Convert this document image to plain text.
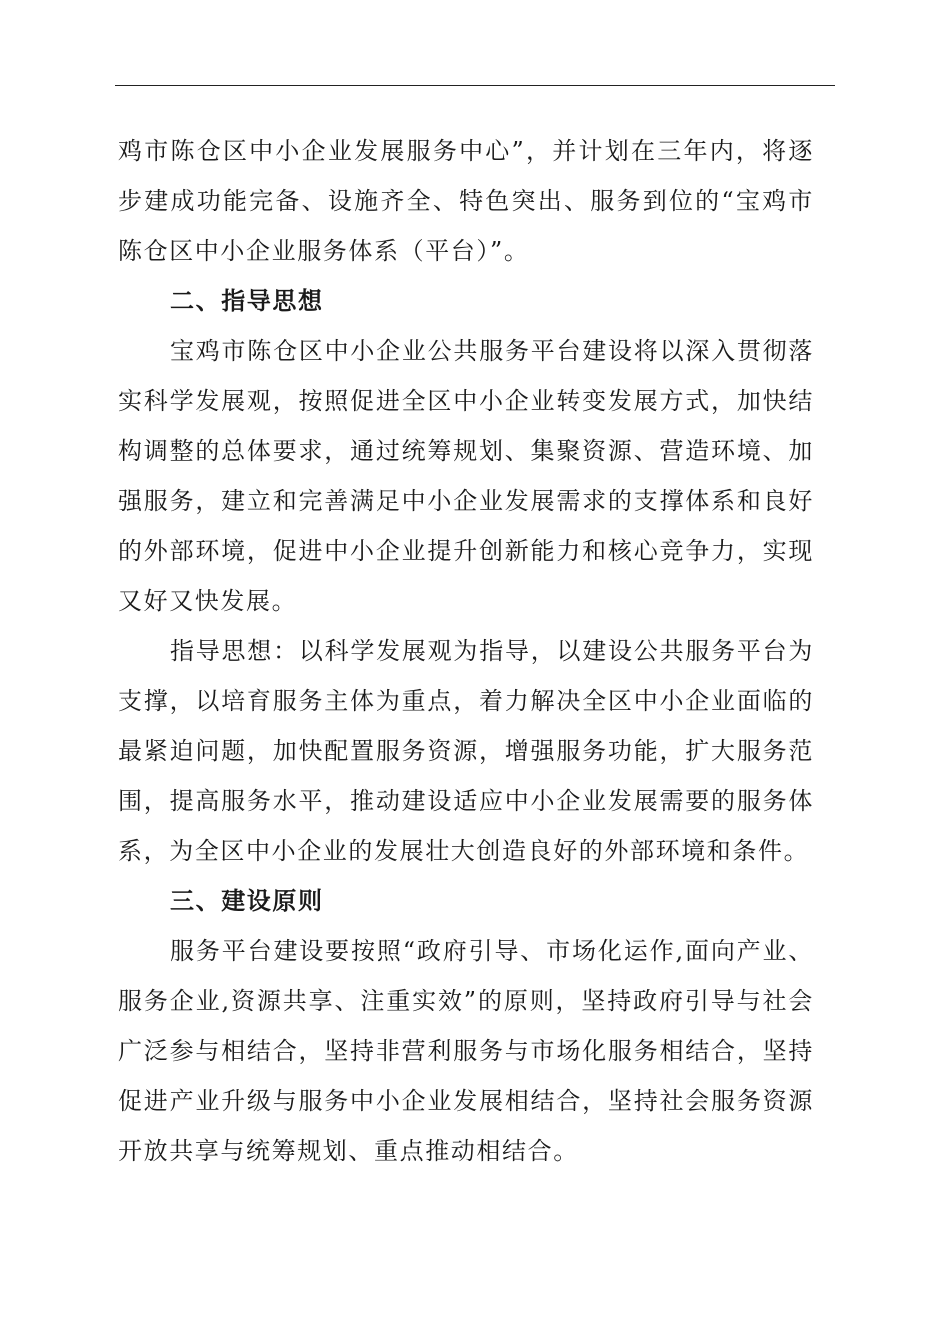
鸡市陈仓区中小企业发展服务中心”，并计划在三年内，将逐步建成功能完备、设施齐全、特色突出、服务到位的“宝鸡市陈仓区中小企业服务体系（平台）”。

二、指导思想

宝鸡市陈仓区中小企业公共服务平台建设将以深入贯彻落实科学发展观，按照促进全区中小企业转变发展方式，加快结构调整的总体要求，通过统筹规划、集聚资源、营造环境、加强服务，建立和完善满足中小企业发展需求的支撑体系和良好的外部环境，促进中小企业提升创新能力和核心竞争力，实现又好又快发展。

指导思想：以科学发展观为指导，以建设公共服务平台为支撑，以培育服务主体为重点，着力解决全区中小企业面临的最紧迫问题，加快配置服务资源，增强服务功能，扩大服务范围，提高服务水平，推动建设适应中小企业发展需要的服务体系，为全区中小企业的发展壮大创造良好的外部环境和条件。

三、建设原则

服务平台建设要按照“政府引导、市场化运作,面向产业、服务企业,资源共享、注重实效”的原则，坚持政府引导与社会广泛参与相结合，坚持非营利服务与市场化服务相结合，坚持促进产业升级与服务中小企业发展相结合，坚持社会服务资源开放共享与统筹规划、重点推动相结合。
